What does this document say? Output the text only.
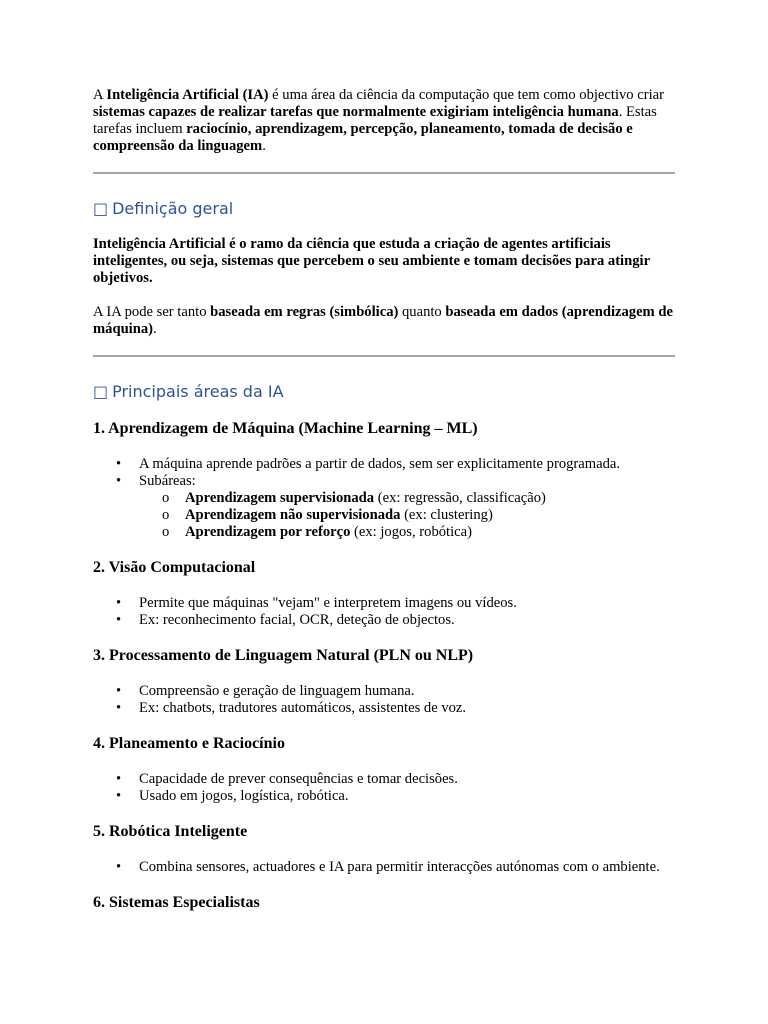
A Inteligência Artificial (IA) é uma área da ciência da computação que tem como objectivo criar sistemas capazes de realizar tarefas que normalmente exigiriam inteligência humana. Estas tarefas incluem raciocínio, aprendizagem, percepção, planeamento, tomada de decisão e compreensão da linguagem.

□ Definição geral

Inteligência Artificial é o ramo da ciência que estuda a criação de agentes artificiais inteligentes, ou seja, sistemas que percebem o seu ambiente e tomam decisões para atingir objetivos.

A IA pode ser tanto baseada em regras (simbólica) quanto baseada em dados (aprendizagem de máquina).

□ Principais áreas da IA
1. Aprendizagem de Máquina (Machine Learning – ML)
• A máquina aprende padrões a partir de dados, sem ser explicitamente programada.
• Subáreas:
o Aprendizagem supervisionada (ex: regressão, classificação)
o Aprendizagem não supervisionada (ex: clustering)
o Aprendizagem por reforço (ex: jogos, robótica)
2. Visão Computacional
• Permite que máquinas "vejam" e interpretem imagens ou vídeos.
• Ex: reconhecimento facial, OCR, deteção de objectos.
3. Processamento de Linguagem Natural (PLN ou NLP)
• Compreensão e geração de linguagem humana.
• Ex: chatbots, tradutores automáticos, assistentes de voz.
4. Planeamento e Raciocínio
• Capacidade de prever consequências e tomar decisões.
• Usado em jogos, logística, robótica.
5. Robótica Inteligente
• Combina sensores, actuadores e IA para permitir interacções autónomas com o ambiente.
6. Sistemas Especialistas
